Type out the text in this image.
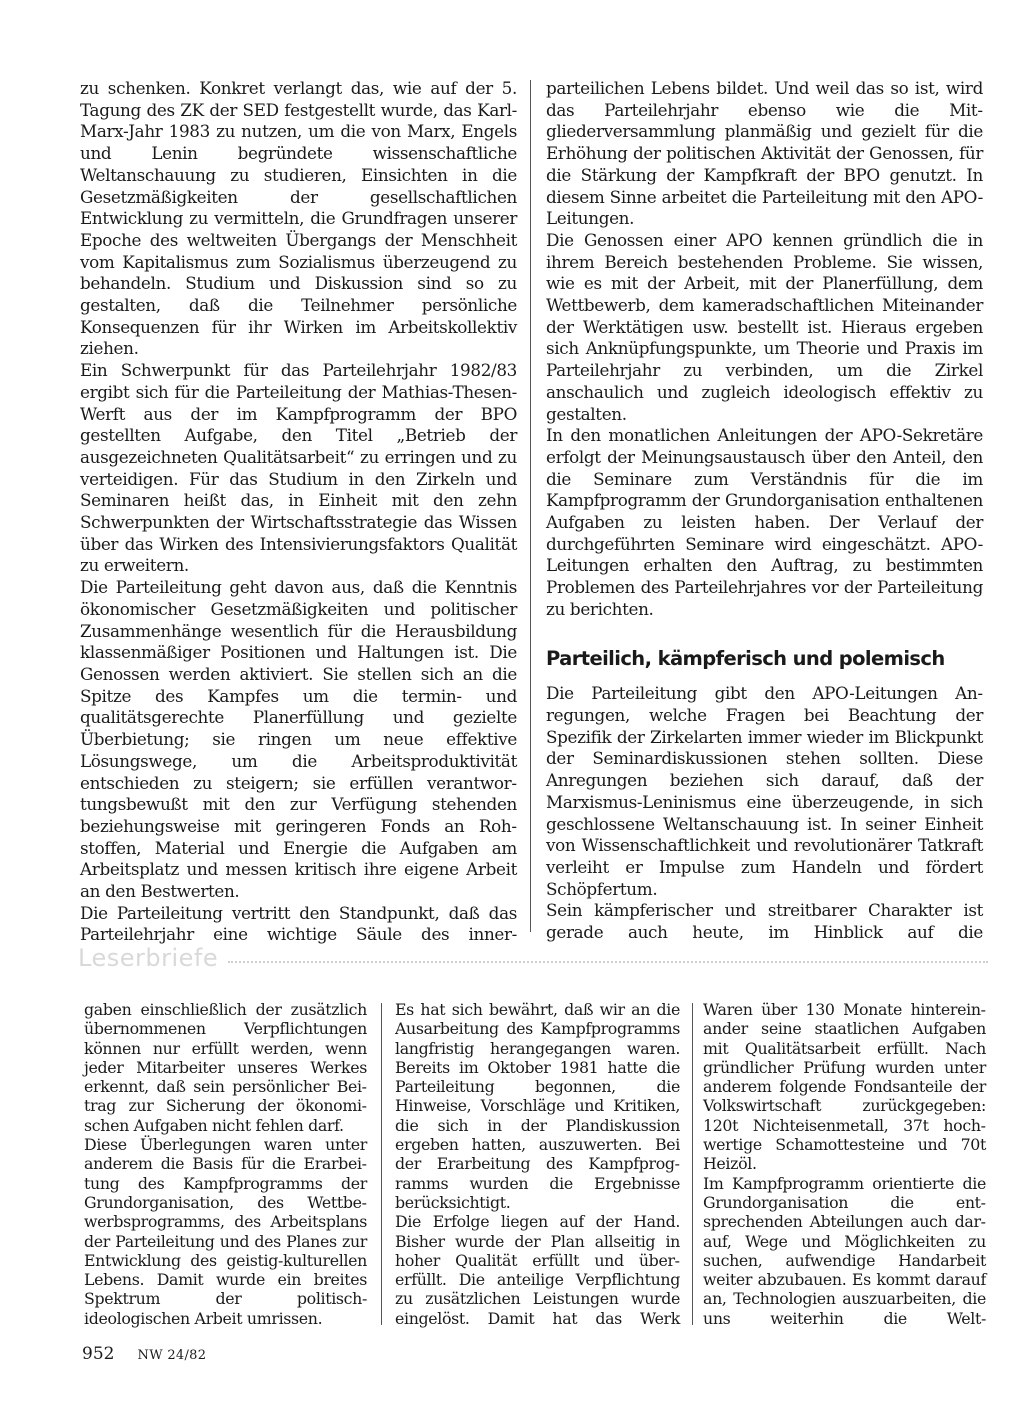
zu schenken. Konkret verlangt das, wie auf der 5. Tagung des ZK der SED festgestellt wurde, das Karl-Marx-Jahr 1983 zu nutzen, um die von Marx, Engels und Lenin begründete wissenschaftliche Weltanschauung zu studieren, Einsichten in die Gesetzmäßigkeiten der gesellschaftlichen Entwicklung zu vermitteln, die Grundfragen unserer Epoche des weltweiten Übergangs der Menschheit vom Kapitalismus zum Sozialismus überzeugend zu behandeln. Studium und Diskussion sind so zu gestalten, daß die Teilnehmer persönliche Konsequenzen für ihr Wirken im Arbeitskollektiv ziehen.

Ein Schwerpunkt für das Parteilehrjahr 1982/83 ergibt sich für die Parteileitung der Mathias-Thesen-Werft aus der im Kampfprogramm der BPO gestellten Aufgabe, den Titel „Betrieb der ausgezeichneten Qualitätsarbeit“ zu erringen und zu verteidigen. Für das Studium in den Zirkeln und Seminaren heißt das, in Einheit mit den zehn Schwerpunkten der Wirtschaftsstrategie das Wissen über das Wirken des Intensivierungsfaktors Qualität zu erweitern.

Die Parteileitung geht davon aus, daß die Kenntnis ökonomischer Gesetzmäßigkeiten und politischer Zusammenhänge wesentlich für die Herausbildung klassenmäßiger Positionen und Haltungen ist. Die Genossen werden aktiviert. Sie stellen sich an die Spitze des Kampfes um die termin- und qualitätsgerechte Planerfüllung und gezielte Überbietung; sie ringen um neue effektive Lösungswege, um die Arbeitsproduktivität entschieden zu steigern; sie erfüllen verantwortungsbewußt mit den zur Verfügung stehenden beziehungsweise mit geringeren Fonds an Rohstoffen, Material und Energie die Aufgaben am Arbeitsplatz und messen kritisch ihre eigene Arbeit an den Bestwerten.

Die Parteileitung vertritt den Standpunkt, daß das Parteilehrjahr eine wichtige Säule des inner-

parteilichen Lebens bildet. Und weil das so ist, wird das Parteilehrjahr ebenso wie die Mitgliederversammlung planmäßig und gezielt für die Erhöhung der politischen Aktivität der Genossen, für die Stärkung der Kampfkraft der BPO genutzt. In diesem Sinne arbeitet die Parteileitung mit den APO-Leitungen.

Die Genossen einer APO kennen gründlich die in ihrem Bereich bestehenden Probleme. Sie wissen, wie es mit der Arbeit, mit der Planerfüllung, dem Wettbewerb, dem kameradschaftlichen Miteinander der Werktätigen usw. bestellt ist. Hieraus ergeben sich Anknüpfungspunkte, um Theorie und Praxis im Parteilehrjahr zu verbinden, um die Zirkel anschaulich und zugleich ideologisch effektiv zu gestalten.

In den monatlichen Anleitungen der APO-Sekretäre erfolgt der Meinungsaustausch über den Anteil, den die Seminare zum Verständnis für die im Kampfprogramm der Grundorganisation enthaltenen Aufgaben zu leisten haben. Der Verlauf der durchgeführten Seminare wird eingeschätzt. APO-Leitungen erhalten den Auftrag, zu bestimmten Problemen des Parteilehrjahres vor der Parteileitung zu berichten.

Parteilich, kämpferisch und polemisch

Die Parteileitung gibt den APO-Leitungen Anregungen, welche Fragen bei Beachtung der Spezifik der Zirkelarten immer wieder im Blickpunkt der Seminardiskussionen stehen sollten. Diese Anregungen beziehen sich darauf, daß der Marxismus-Leninismus eine überzeugende, in sich geschlossene Weltanschauung ist. In seiner Einheit von Wissenschaftlichkeit und revolutionärer Tatkraft verleiht er Impulse zum Handeln und fördert Schöpfertum.

Sein kämpferischer und streitbarer Charakter ist gerade auch heute, im Hinblick auf die

Leserbriefe

gaben einschließlich der zusätzlich übernommenen Verpflichtungen können nur erfüllt werden, wenn jeder Mitarbeiter unseres Werkes erkennt, daß sein persönlicher Beitrag zur Sicherung der ökonomischen Aufgaben nicht fehlen darf.

Diese Überlegungen waren unter anderem die Basis für die Erarbeitung des Kampfprogramms der Grundorganisation, des Wettbewerbsprogramms, des Arbeitsplans der Parteileitung und des Planes zur Entwicklung des geistig-kulturellen Lebens. Damit wurde ein breites Spektrum der politisch-ideologischen Arbeit umrissen.

Es hat sich bewährt, daß wir an die Ausarbeitung des Kampfprogramms langfristig herangegangen waren. Bereits im Oktober 1981 hatte die Parteileitung begonnen, die Hinweise, Vorschläge und Kritiken, die sich in der Plandiskussion ergeben hatten, auszuwerten. Bei der Erarbeitung des Kampfprogramms wurden die Ergebnisse berücksichtigt.

Die Erfolge liegen auf der Hand. Bisher wurde der Plan allseitig in hoher Qualität erfüllt und übererfüllt. Die anteilige Verpflichtung zu zusätzlichen Leistungen wurde eingelöst. Damit hat das Werk

Waren über 130 Monate hintereinander seine staatlichen Aufgaben mit Qualitätsarbeit erfüllt. Nach gründlicher Prüfung wurden unter anderem folgende Fondsanteile der Volkswirtschaft zurückgegeben: 120t Nichteisenmetall, 37t hochwertige Schamottesteine und 70t Heizöl.

Im Kampfprogramm orientierte die Grundorganisation die entsprechenden Abteilungen auch darauf, Wege und Möglichkeiten zu suchen, aufwendige Handarbeit weiter abzubauen. Es kommt darauf an, Technologien auszuarbeiten, die uns weiterhin die Welt-

952 NW 24/82
